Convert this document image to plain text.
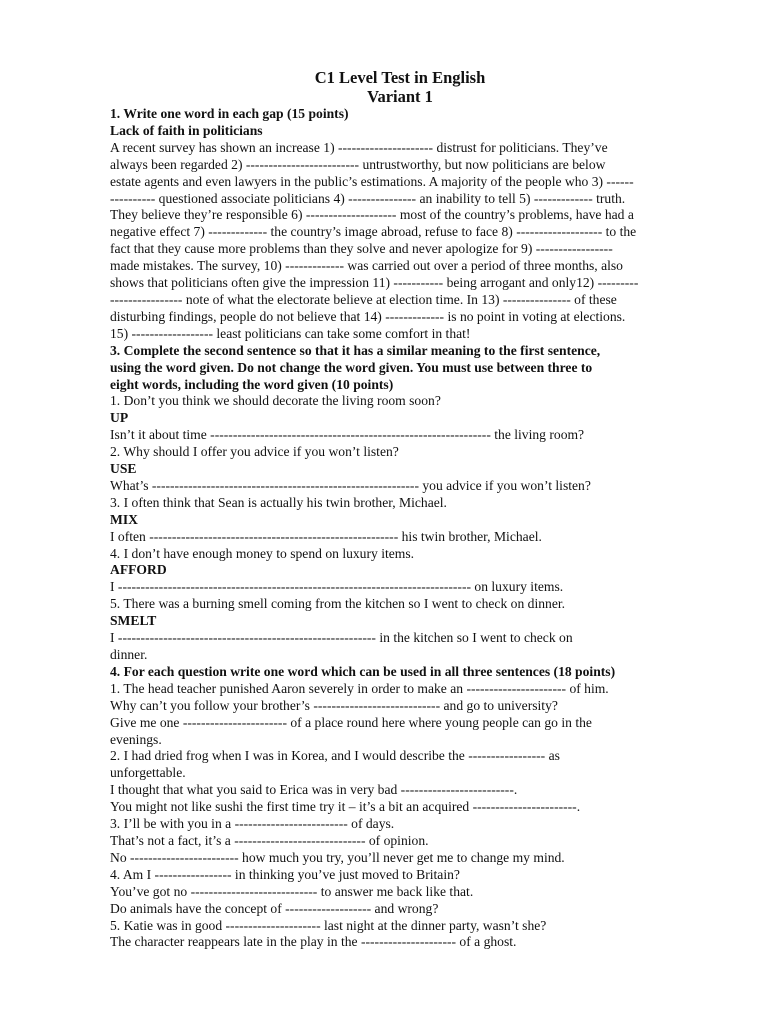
C1 Level Test in English

Variant 1

1. Write one word in each gap (15 points)

Lack of faith in politicians

A recent survey has shown an increase 1) --------------------- distrust for politicians. They’ve

always been regarded 2) ------------------------- untrustworthy, but now politicians are below

estate agents and even lawyers in the public’s estimations. A majority of the people who 3) ------

---------- questioned associate politicians 4) --------------- an inability to tell 5) ------------- truth.

They believe they’re responsible 6) -------------------- most of the country’s problems, have had a

negative effect 7) ------------- the country’s image abroad, refuse to face 8) ------------------- to the

fact that they cause more problems than they solve and never apologize for 9) -----------------

made mistakes. The survey, 10) ------------- was carried out over a period of three months, also

shows that politicians often give the impression 11) ----------- being arrogant and only12) ---------

---------------- note of what the electorate believe at election time. In 13) --------------- of these

disturbing findings, people do not believe that 14) ------------- is no point in voting at elections.

15) ------------------ least politicians can take some comfort in that!

3. Complete the second sentence so that it has a similar meaning to the first sentence,

using the word given. Do not change the word given. You must use between three to

eight words, including the word given (10 points)

1. Don’t you think we should decorate the living room soon?

UP

Isn’t it about time -------------------------------------------------------------- the living room?

2. Why should I offer you advice if you won’t listen?

USE

What’s ----------------------------------------------------------- you advice if you won’t listen?

3. I often think that Sean is actually his twin brother, Michael.

MIX

I often ------------------------------------------------------- his twin brother, Michael.

4. I don’t have enough money to spend on luxury items.

AFFORD

I ------------------------------------------------------------------------------ on luxury items.

5. There was a burning smell coming from the kitchen so I went to check on dinner.

SMELT

I --------------------------------------------------------- in the kitchen so I went to check on

dinner.

4. For each question write one word which can be used in all three sentences (18 points)

1. The head teacher punished Aaron severely in order to make an ---------------------- of him.

Why can’t you follow your brother’s ---------------------------- and go to university?

Give me one ----------------------- of a place round here where young people can go in the

evenings.

2. I had dried frog when I was in Korea, and I would describe the ----------------- as

unforgettable.

I thought that what you said to Erica was in very bad -------------------------.

You might not like sushi the first time try it – it’s a bit an acquired -----------------------.

3. I’ll be with you in a ------------------------- of days.

That’s not a fact, it’s a ----------------------------- of opinion.

No ------------------------ how much you try, you’ll never get me to change my mind.

4. Am I ----------------- in thinking you’ve just moved to Britain?

You’ve got no ---------------------------- to answer me back like that.

Do animals have the concept of ------------------- and wrong?

5. Katie was in good --------------------- last night at the dinner party, wasn’t she?

The character reappears late in the play in the --------------------- of a ghost.
